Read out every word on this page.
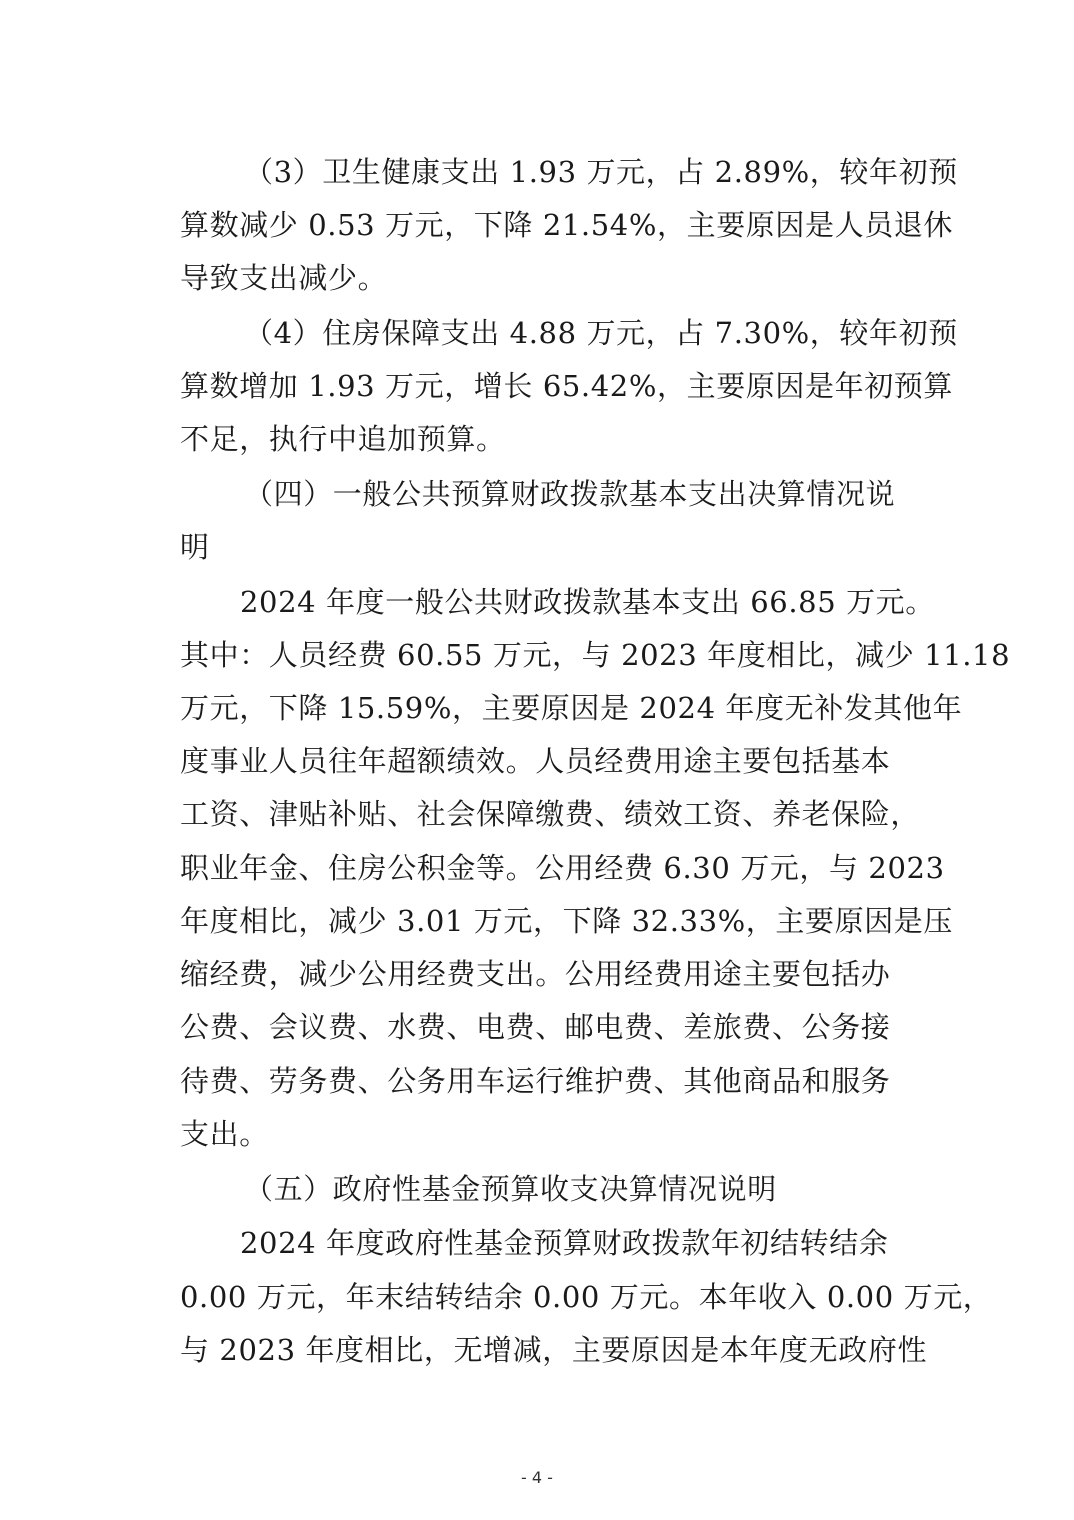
（3）卫生健康支出 1.93 万元，占 2.89%，较年初预
算数减少 0.53 万元，下降 21.54%，主要原因是人员退休
导致支出减少。
（4）住房保障支出 4.88 万元，占 7.30%，较年初预
算数增加 1.93 万元，增长 65.42%，主要原因是年初预算
不足，执行中追加预算。
（四）一般公共预算财政拨款基本支出决算情况说
明
2024 年度一般公共财政拨款基本支出 66.85 万元。
其中：人员经费 60.55 万元，与 2023 年度相比，减少 11.18
万元，下降 15.59%，主要原因是 2024 年度无补发其他年
度事业人员往年超额绩效。人员经费用途主要包括基本
工资、津贴补贴、社会保障缴费、绩效工资、养老保险，
职业年金、住房公积金等。公用经费 6.30 万元，与 2023
年度相比，减少 3.01 万元，下降 32.33%，主要原因是压
缩经费，减少公用经费支出。公用经费用途主要包括办
公费、会议费、水费、电费、邮电费、差旅费、公务接
待费、劳务费、公务用车运行维护费、其他商品和服务
支出。
（五）政府性基金预算收支决算情况说明
2024 年度政府性基金预算财政拨款年初结转结余
0.00 万元，年末结转结余 0.00 万元。本年收入 0.00 万元，
与 2023 年度相比，无增减，主要原因是本年度无政府性
- 4 -
